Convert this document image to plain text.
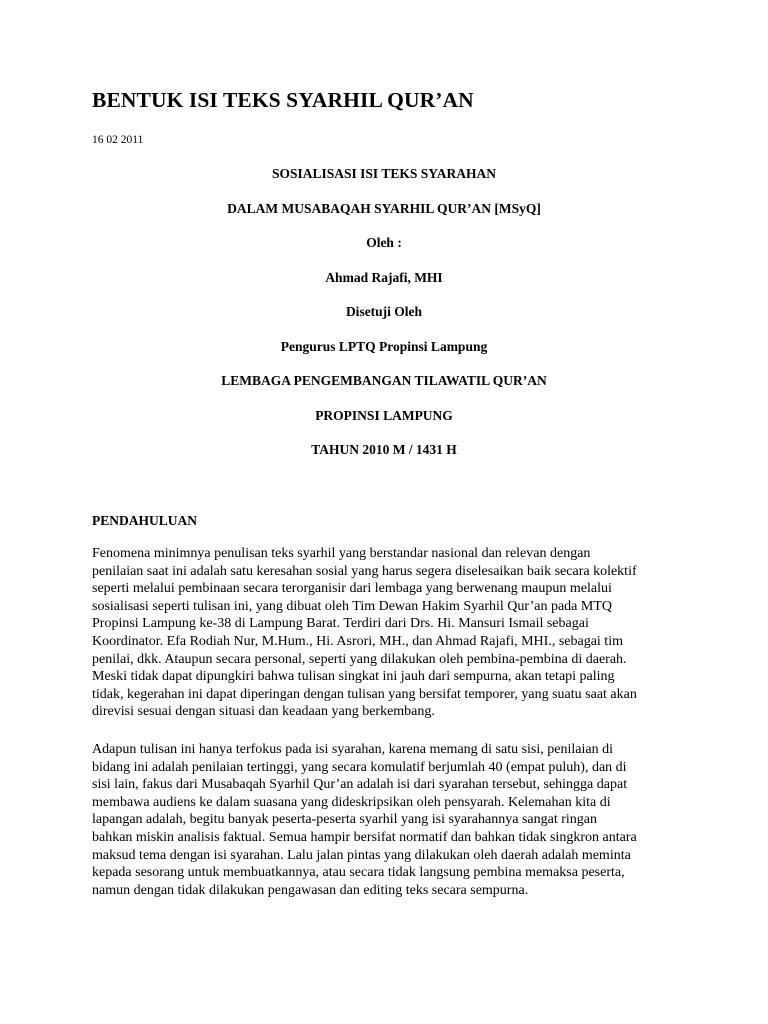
BENTUK ISI TEKS SYARHIL QUR’AN
16 02 2011
SOSIALISASI ISI TEKS SYARAHAN
DALAM MUSABAQAH SYARHIL QUR’AN [MSyQ]
Oleh :
Ahmad Rajafi, MHI
Disetuji Oleh
Pengurus LPTQ Propinsi Lampung
LEMBAGA PENGEMBANGAN TILAWATIL QUR’AN
PROPINSI LAMPUNG
TAHUN 2010 M / 1431 H
PENDAHULUAN
Fenomena minimnya penulisan teks syarhil yang berstandar nasional dan relevan dengan
penilaian saat ini adalah satu keresahan sosial yang harus segera diselesaikan baik secara kolektif
seperti melalui pembinaan secara terorganisir dari lembaga yang berwenang maupun melalui
sosialisasi seperti tulisan ini, yang dibuat oleh Tim Dewan Hakim Syarhil Qur’an pada MTQ
Propinsi Lampung ke-38 di Lampung Barat. Terdiri dari Drs. Hi. Mansuri Ismail sebagai
Koordinator. Efa Rodiah Nur, M.Hum., Hi. Asrori, MH., dan Ahmad Rajafi, MHI., sebagai tim
penilai, dkk. Ataupun secara personal, seperti yang dilakukan oleh pembina-pembina di daerah.
Meski tidak dapat dipungkiri bahwa tulisan singkat ini jauh dari sempurna, akan tetapi paling
tidak, kegerahan ini dapat diperingan dengan tulisan yang bersifat temporer, yang suatu saat akan
direvisi sesuai dengan situasi dan keadaan yang berkembang.
Adapun tulisan ini hanya terfokus pada isi syarahan, karena memang di satu sisi, penilaian di
bidang ini adalah penilaian tertinggi, yang secara komulatif berjumlah 40 (empat puluh), dan di
sisi lain, fakus dari Musabaqah Syarhil Qur’an adalah isi dari syarahan tersebut, sehingga dapat
membawa audiens ke dalam suasana yang dideskripsikan oleh pensyarah. Kelemahan kita di
lapangan adalah, begitu banyak peserta-peserta syarhil yang isi syarahannya sangat ringan
bahkan miskin analisis faktual. Semua hampir bersifat normatif dan bahkan tidak singkron antara
maksud tema dengan isi syarahan. Lalu jalan pintas yang dilakukan oleh daerah adalah meminta
kepada sesorang untuk membuatkannya, atau secara tidak langsung pembina memaksa peserta,
namun dengan tidak dilakukan pengawasan dan editing teks secara sempurna.
